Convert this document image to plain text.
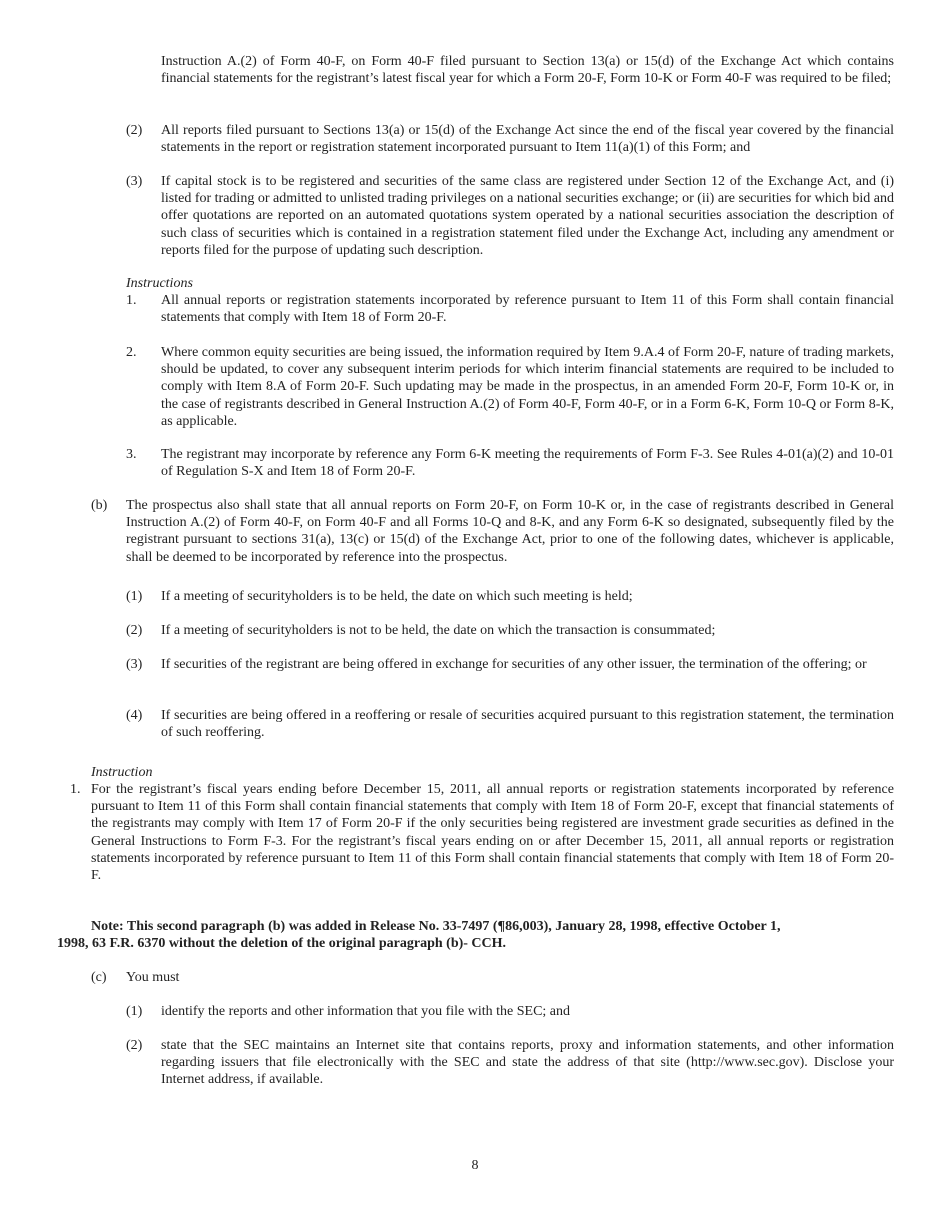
Instruction A.(2) of Form 40-F, on Form 40-F filed pursuant to Section 13(a) or 15(d) of the Exchange Act which contains financial statements for the registrant’s latest fiscal year for which a Form 20-F, Form 10-K or Form 40-F was required to be filed;

(2) All reports filed pursuant to Sections 13(a) or 15(d) of the Exchange Act since the end of the fiscal year covered by the financial statements in the report or registration statement incorporated pursuant to Item 11(a)(1) of this Form; and

(3) If capital stock is to be registered and securities of the same class are registered under Section 12 of the Exchange Act, and (i) listed for trading or admitted to unlisted trading privileges on a national securities exchange; or (ii) are securities for which bid and offer quotations are reported on an automated quotations system operated by a national securities association the description of such class of securities which is contained in a registration statement filed under the Exchange Act, including any amendment or reports filed for the purpose of updating such description.

Instructions

1. All annual reports or registration statements incorporated by reference pursuant to Item 11 of this Form shall contain financial statements that comply with Item 18 of Form 20-F.

2. Where common equity securities are being issued, the information required by Item 9.A.4 of Form 20-F, nature of trading markets, should be updated, to cover any subsequent interim periods for which interim financial statements are required to be included to comply with Item 8.A of Form 20-F. Such updating may be made in the prospectus, in an amended Form 20-F, Form 10-K or, in the case of registrants described in General Instruction A.(2) of Form 40-F, Form 40-F, or in a Form 6-K, Form 10-Q or Form 8-K, as applicable.

3. The registrant may incorporate by reference any Form 6-K meeting the requirements of Form F-3. See Rules 4-01(a)(2) and 10-01 of Regulation S-X and Item 18 of Form 20-F.

(b) The prospectus also shall state that all annual reports on Form 20-F, on Form 10-K or, in the case of registrants described in General Instruction A.(2) of Form 40-F, on Form 40-F and all Forms 10-Q and 8-K, and any Form 6-K so designated, subsequently filed by the registrant pursuant to sections 31(a), 13(c) or 15(d) of the Exchange Act, prior to one of the following dates, whichever is applicable, shall be deemed to be incorporated by reference into the prospectus.

(1) If a meeting of securityholders is to be held, the date on which such meeting is held;

(2) If a meeting of securityholders is not to be held, the date on which the transaction is consummated;

(3) If securities of the registrant are being offered in exchange for securities of any other issuer, the termination of the offering; or

(4) If securities are being offered in a reoffering or resale of securities acquired pursuant to this registration statement, the termination of such reoffering.

Instruction

1. For the registrant’s fiscal years ending before December 15, 2011, all annual reports or registration statements incorporated by reference pursuant to Item 11 of this Form shall contain financial statements that comply with Item 18 of Form 20-F, except that financial statements of the registrants may comply with Item 17 of Form 20-F if the only securities being registered are investment grade securities as defined in the General Instructions to Form F-3. For the registrant’s fiscal years ending on or after December 15, 2011, all annual reports or registration statements incorporated by reference pursuant to Item 11 of this Form shall contain financial statements that comply with Item 18 of Form 20-F.

Note: This second paragraph (b) was added in Release No. 33-7497 (¶86,003), January 28, 1998, effective October 1,

1998, 63 F.R. 6370 without the deletion of the original paragraph (b)- CCH.

(c) You must

(1) identify the reports and other information that you file with the SEC; and

(2) state that the SEC maintains an Internet site that contains reports, proxy and information statements, and other information regarding issuers that file electronically with the SEC and state the address of that site (http://www.sec.gov). Disclose your Internet address, if available.

8
